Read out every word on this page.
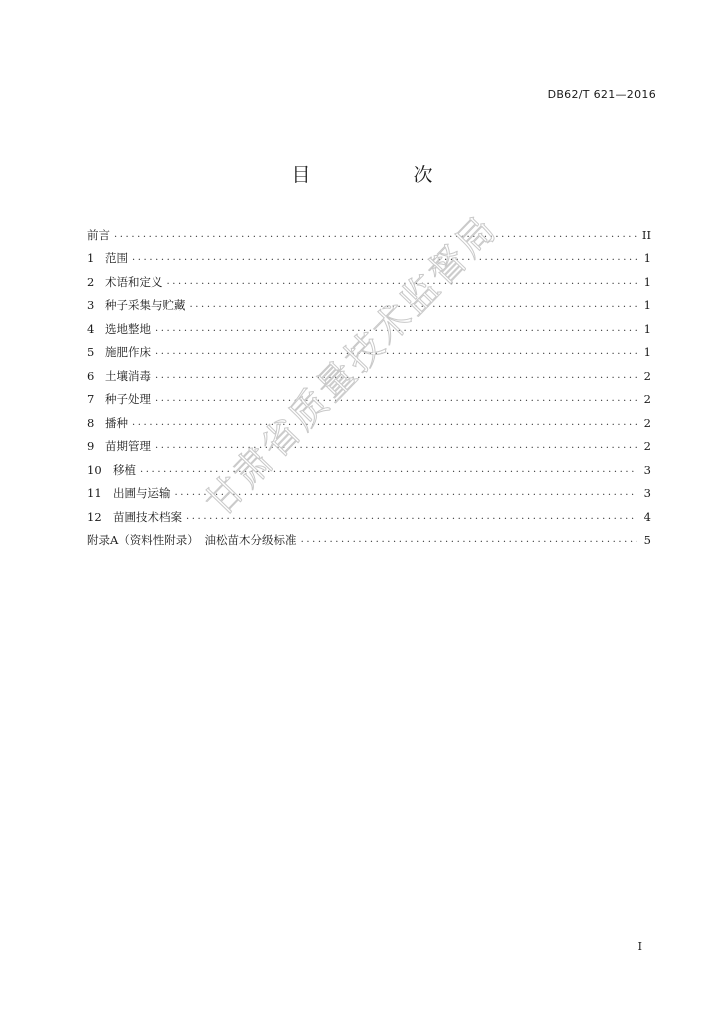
DB62/T 621—2016
目　次
前言 .....	II
1 范围 .....	1
2 术语和定义 .....	1
3 种子采集与贮藏 .....	1
4 选地整地 .....	1
5 施肥作床 .....	1
6 土壤消毒 .....	2
7 种子处理 .....	2
8 播种 .....	2
9 苗期管理 .....	2
10 移植 .....	3
11 出圃与运输 .....	3
12 苗圃技术档案 .....	4
附录A（资料性附录）　油松苗木分级标准 .....	5
甘肃省质量技术监督局
I
